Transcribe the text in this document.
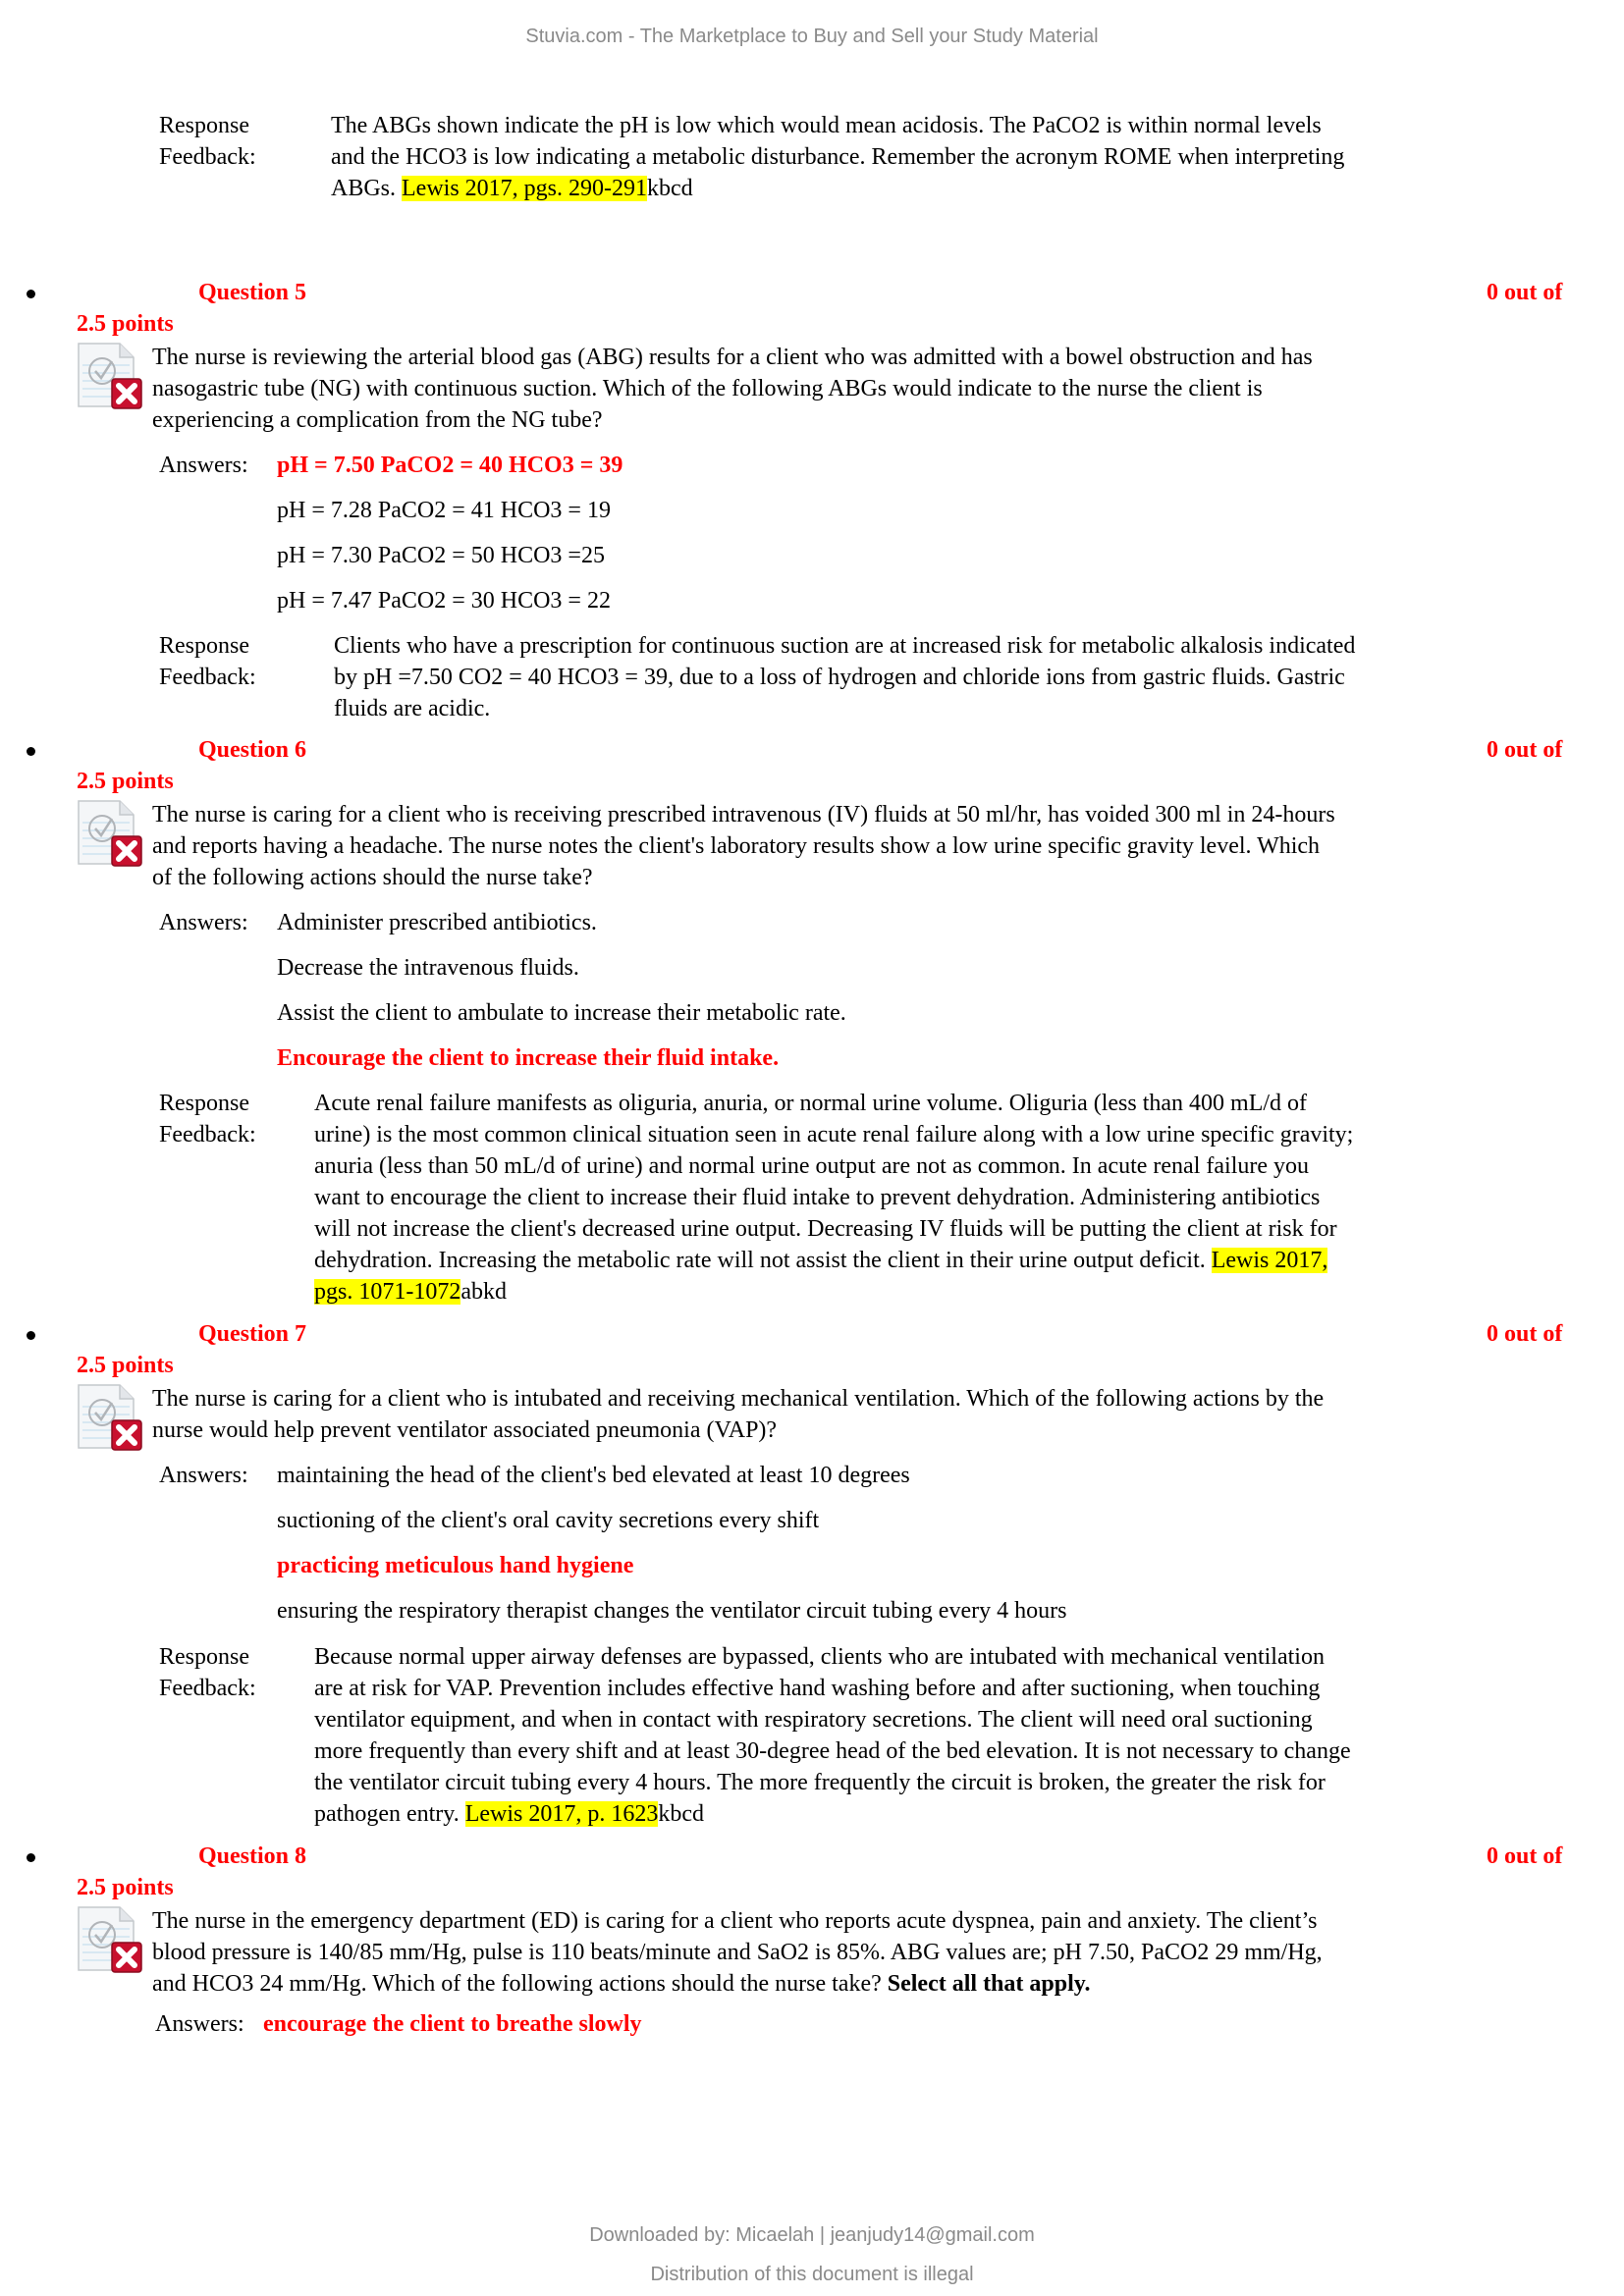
Stuvia.com - The Marketplace to Buy and Sell your Study Material
Response
Feedback:
The ABGs shown indicate the pH is low which would mean acidosis. The PaCO2 is within normal levels
and the HCO3 is low indicating a metabolic disturbance. Remember the acronym ROME when interpreting
ABGs. Lewis 2017, pgs. 290-291kbcd
Question 5	0 out of
2.5 points
The nurse is reviewing the arterial blood gas (ABG) results for a client who was admitted with a bowel obstruction and has
nasogastric tube (NG) with continuous suction. Which of the following ABGs would indicate to the nurse the client is
experiencing a complication from the NG tube?
Answers: pH = 7.50 PaCO2 = 40 HCO3 = 39
pH = 7.28 PaCO2 = 41 HCO3 = 19
pH = 7.30 PaCO2 = 50 HCO3 =25
pH = 7.47 PaCO2 = 30 HCO3 = 22
Response
Feedback:
Clients who have a prescription for continuous suction are at increased risk for metabolic alkalosis indicated
by pH =7.50 CO2 = 40 HCO3 = 39, due to a loss of hydrogen and chloride ions from gastric fluids. Gastric
fluids are acidic.
Question 6	0 out of
2.5 points
The nurse is caring for a client who is receiving prescribed intravenous (IV) fluids at 50 ml/hr, has voided 300 ml in 24-hours
and reports having a headache. The nurse notes the client's laboratory results show a low urine specific gravity level. Which
of the following actions should the nurse take?
Answers: Administer prescribed antibiotics.
Decrease the intravenous fluids.
Assist the client to ambulate to increase their metabolic rate.
Encourage the client to increase their fluid intake.
Response
Feedback:
Acute renal failure manifests as oliguria, anuria, or normal urine volume. Oliguria (less than 400 mL/d of
urine) is the most common clinical situation seen in acute renal failure along with a low urine specific gravity;
anuria (less than 50 mL/d of urine) and normal urine output are not as common. In acute renal failure you
want to encourage the client to increase their fluid intake to prevent dehydration. Administering antibiotics
will not increase the client's decreased urine output. Decreasing IV fluids will be putting the client at risk for
dehydration. Increasing the metabolic rate will not assist the client in their urine output deficit. Lewis 2017,
pgs. 1071-1072abkd
Question 7	0 out of
2.5 points
The nurse is caring for a client who is intubated and receiving mechanical ventilation. Which of the following actions by the
nurse would help prevent ventilator associated pneumonia (VAP)?
Answers: maintaining the head of the client's bed elevated at least 10 degrees
suctioning of the client's oral cavity secretions every shift
practicing meticulous hand hygiene
ensuring the respiratory therapist changes the ventilator circuit tubing every 4 hours
Response
Feedback:
Because normal upper airway defenses are bypassed, clients who are intubated with mechanical ventilation
are at risk for VAP. Prevention includes effective hand washing before and after suctioning, when touching
ventilator equipment, and when in contact with respiratory secretions. The client will need oral suctioning
more frequently than every shift and at least 30-degree head of the bed elevation. It is not necessary to change
the ventilator circuit tubing every 4 hours. The more frequently the circuit is broken, the greater the risk for
pathogen entry. Lewis 2017, p. 1623kbcd
Question 8	0 out of
2.5 points
The nurse in the emergency department (ED) is caring for a client who reports acute dyspnea, pain and anxiety. The client’s
blood pressure is 140/85 mm/Hg, pulse is 110 beats/minute and SaO2 is 85%. ABG values are; pH 7.50, PaCO2 29 mm/Hg,
and HCO3 24 mm/Hg. Which of the following actions should the nurse take? Select all that apply.
Answers: encourage the client to breathe slowly
Downloaded by: Micaelah | jeanjudy14@gmail.com
Distribution of this document is illegal
